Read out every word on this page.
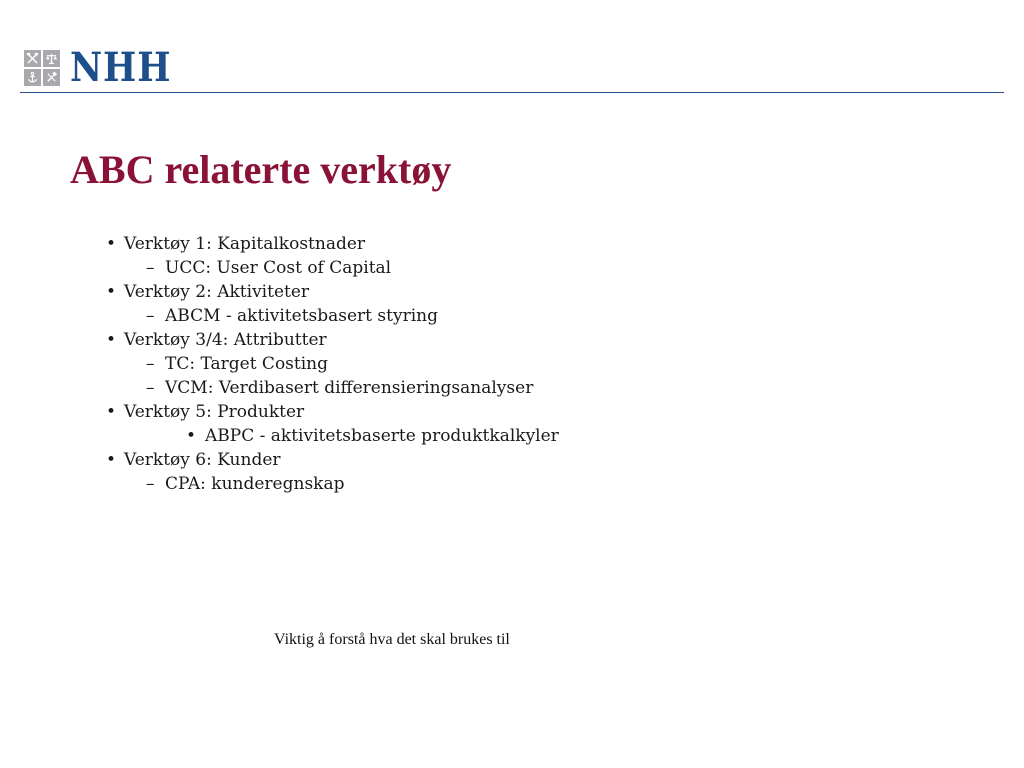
NHH
ABC relaterte verktøy
• Verktøy 1: Kapitalkostnader
– UCC: User Cost of Capital
• Verktøy 2: Aktiviteter
– ABCM - aktivitetsbasert styring
• Verktøy 3/4: Attributter
– TC: Target Costing
– VCM: Verdibasert differensieringsanalyser
• Verktøy 5: Produkter
• ABPC - aktivitetsbaserte produktkalkyler
• Verktøy 6: Kunder
– CPA: kunderegnskap
Viktig å forstå hva det skal brukes til
